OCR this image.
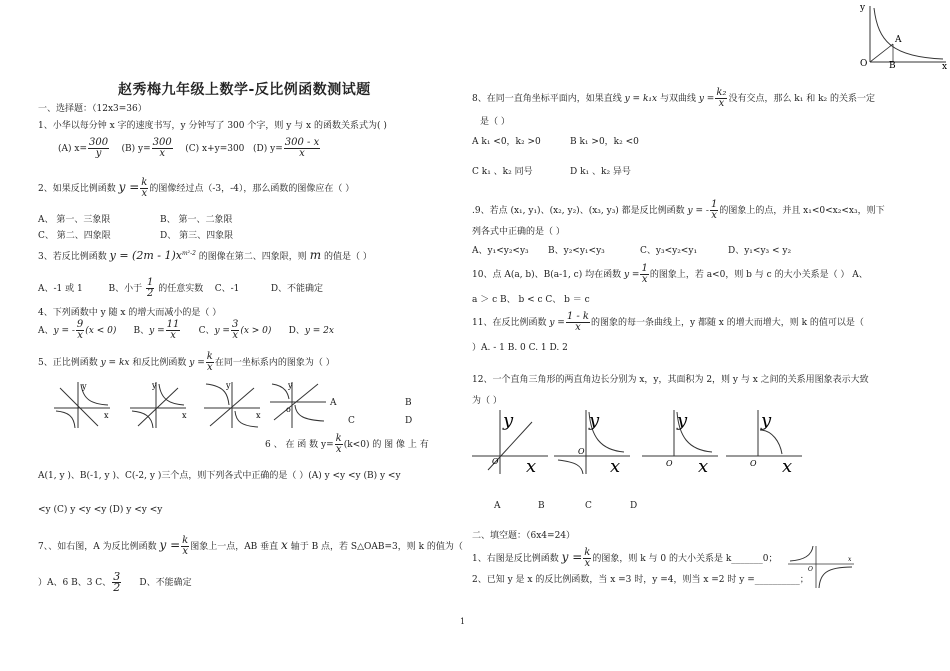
y
x
O
A
B
赵秀梅九年级上数学-反比例函数测试题
一、选择题：（12x3=36）
1、小华以每分钟 x 字的速度书写，y 分钟写了 300 个字，则 y 与 x 的函数关系式为( )
(A) $x= \frac{300}{y} (B)$ $y= \frac{300}{x} (C)$ x+y=300 (D) $y= \frac{300 - x}{x}$
2、如果反比例函数 $y = \frac{k}{x}$ 的图像经过点（-3，-4），那么函数的图像应在（ ）
A、 第一、三象限	B、 第一、二象限
C、 第二、四象限	D、 第三、四象限
3、若反比例函数 $y = (2m - 1)x^{m^2-2}$ 的图像在第二、四象限，则 m 的值是（ ）
A、-1 或 1	B、小于 $\frac{1}{2}$ 的任意实数 C、-1	D、不能确定
4、下列函数中 y 随 x 的增大而减小的是（ ）
A、y = - $\frac{9}{x} (x < 0)$ B、$y = \frac{11}{x}$ C、$y = \frac{3}{x} (x > 0)$ D、y = 2x
5、正比例函数 y = kx 和反比例函数 $y = \frac{k}{x}$ 在同一坐标系内的图象为（ ）
y
x
y
x
y
x
y
o
A	B
C	D
6 、 在 函 数 $y= \frac{k}{x} (k<0)$ 的 图 像 上 有
A(1, y )、B(-1, y )、C(-2, y )三个点，则下列各式中正确的是（ ）(A) y <y <y (B) y <y
<y (C) y <y <y (D) y <y <y
7、、如右图，A 为反比例函数 $y = \frac{k}{x}$ 图象上一点，AB 垂直 x 轴于 B 点，若 S△OAB=3，则 k 的值为（
）A、6 B、3 C、 $\frac{3}{2}$ D、不能确定
8、在同一直角坐标平面内，如果直线 y = k₁x 与双曲线 $y = \frac{\text{k₂}}{x}$ 没有交点，那么 k₁ 和 k₂ 的关系一定
是（ ）
A k₁ <0，k₂ >0	B k₁ >0，k₂ <0
C k₁ 、k₂ 同号	D k₁ 、k₂ 异号
.9、若点 (x₁, y₁)、(x₂, y₂)、(x₃, y₃) 都是反比例函数 y = - $\frac{1}{x}$ 的图象上的点，并且 x₁<0<x₂<x₃，则下
列各式中正确的是（ ）
A、y₁<y₂<y₃ B、y₂<y₁<y₃	C、y₃<y₂<y₁	D、y₁<y₃ < y₂
10、点 A(a, b)、B(a-1, c) 均在函数 $y = \frac{1}{x}$ 的图象上，若 a<0，则 b 与 c 的大小关系是（ ） A、
a ＞ c B、 b < c C、 b ＝ c
11、在反比例函数 $y = \frac{1 - k}{x}$ 的图象的每一条曲线上，y 都随 x 的增大而增大，则 k 的值可以是（
）A. - 1 B. 0 C. 1 D. 2
12、一个直角三角形的两直角边长分别为 x，y，其面积为 2，则 y 与 x 之间的关系用图象表示大致
为（ ）
y
x
O
y
x
O
y
x
O
y
x
O
A	B	C	D
二、填空题：（6x4=24）
1、右图是反比例函数 $y = \frac{k}{x}$ 的图象，则 k 与 0 的大小关系是 k_______0；
2、已知 y 是 x 的反比例函数，当 x =3 时，y =4，则当 x =2 时 y =__________；
O
x
1
